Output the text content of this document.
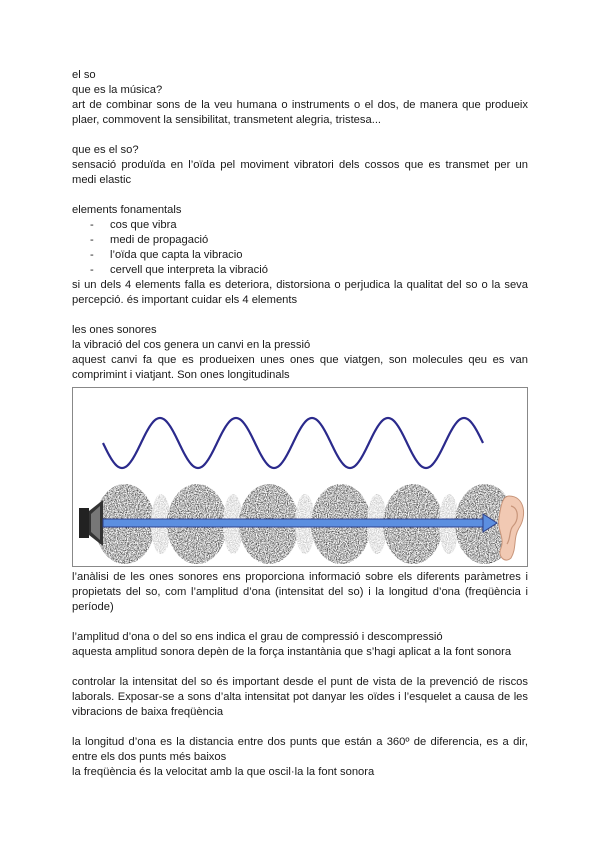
el so

que es la música?

art de combinar sons de la veu humana o instruments o el dos, de manera que produeix plaer, commovent la sensibilitat, transmetent alegria, tristesa...

que es el so?

sensació produïda en l’oïda pel moviment vibratori dels cossos que es transmet per un medi elastic

elements fonamentals

- cos que vibra
- medi de propagació
- l’oïda que capta la vibracio
- cervell que interpreta la vibració

si un dels 4 elements falla es deteriora, distorsiona o perjudica la qualitat del so o la seva percepció. és important cuidar els 4 elements

les ones sonores

la vibració del cos genera un canvi en la pressió

aquest canvi fa que es produeixen unes ones que viatgen, son molecules qeu es van comprimint i viatjant. Son ones longitudinals

l’anàlisi de les ones sonores ens proporciona informació sobre els diferents paràmetres i propietats del so, com l’amplitud d’ona (intensitat del so) i la longitud d’ona (freqüència i període)

l’amplitud d’ona o del so ens indica el grau de compressió i descompressió

aquesta amplitud sonora depèn de la força instantània que s’hagi aplicat a la font sonora

controlar la intensitat del so és important desde el punt de vista de la prevenció de riscos laborals. Exposar-se a sons d’alta intensitat pot danyar les oïdes i l’esquelet a causa de les vibracions de baixa freqüència

la longitud d’ona es la distancia entre dos punts que están a 360º de diferencia, es a dir, entre els dos punts més baixos

la freqüència és la velocitat amb la que oscil·la la font sonora
